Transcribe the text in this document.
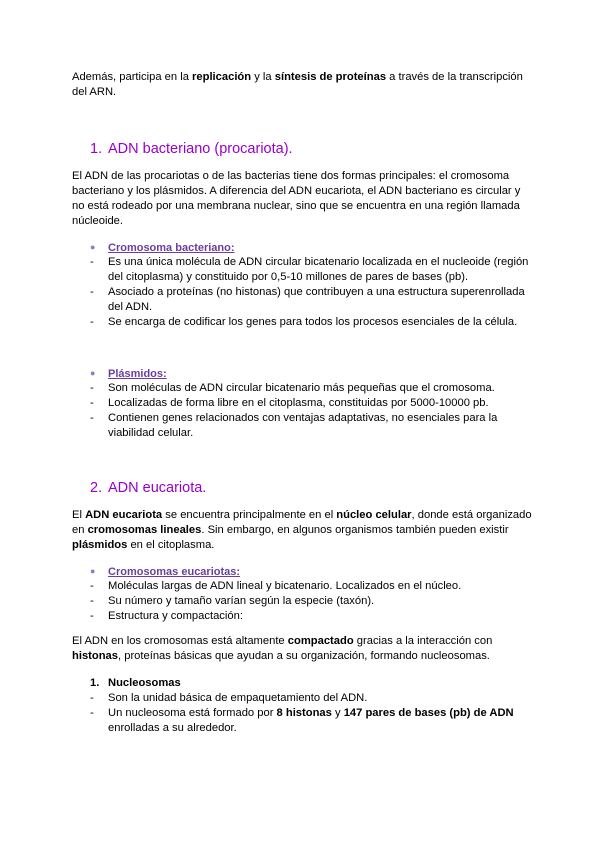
Además, participa en la replicación y la síntesis de proteínas a través de la transcripción del ARN.

1. ADN bacteriano (procariota).

El ADN de las procariotas o de las bacterias tiene dos formas principales: el cromosoma bacteriano y los plásmidos. A diferencia del ADN eucariota, el ADN bacteriano es circular y no está rodeado por una membrana nuclear, sino que se encuentra en una región llamada núcleoide.

● Cromosoma bacteriano:
- Es una única molécula de ADN circular bicatenario localizada en el nucleoide (región del citoplasma) y constituido por 0,5-10 millones de pares de bases (pb).
- Asociado a proteínas (no histonas) que contribuyen a una estructura superenrollada del ADN.
- Se encarga de codificar los genes para todos los procesos esenciales de la célula.
● Plásmidos:
- Son moléculas de ADN circular bicatenario más pequeñas que el cromosoma.
- Localizadas de forma libre en el citoplasma, constituidas por 5000-10000 pb.
- Contienen genes relacionados con ventajas adaptativas, no esenciales para la viabilidad celular.
2. ADN eucariota.

El ADN eucariota se encuentra principalmente en el núcleo celular, donde está organizado en cromosomas lineales. Sin embargo, en algunos organismos también pueden existir plásmidos en el citoplasma.

● Cromosomas eucariotas:
- Moléculas largas de ADN lineal y bicatenario. Localizados en el núcleo.
- Su número y tamaño varían según la especie (taxón).
- Estructura y compactación:

El ADN en los cromosomas está altamente compactado gracias a la interacción con histonas, proteínas básicas que ayudan a su organización, formando nucleosomas.

1. Nucleosomas
- Son la unidad básica de empaquetamiento del ADN.
- Un nucleosoma está formado por 8 histonas y 147 pares de bases (pb) de ADN enrolladas a su alrededor.
